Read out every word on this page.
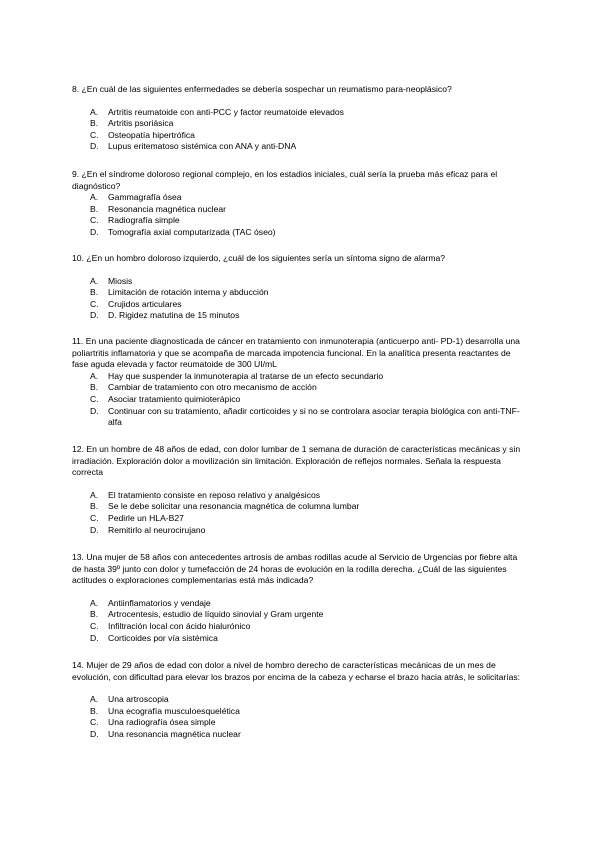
8. ¿En cuál de las siguientes enfermedades se debería sospechar un reumatismo para-neoplásico?

A. Artritis reumatoide con anti-PCC y factor reumatoide elevados
B. Artritis psoriásica
C. Osteopatía hipertrófica
D. Lupus eritematoso sistémica con ANA y anti-DNA

9. ¿En el síndrome doloroso regional complejo, en los estadios iniciales, cuál sería la prueba más eficaz para el diagnóstico?

A. Gammagrafía ósea
B. Resonancia magnética nuclear
C. Radiografía simple
D. Tomografía axial computarizada (TAC óseo)

10. ¿En un hombro doloroso izquierdo, ¿cuál de los siguientes sería un síntoma signo de alarma?

A. Miosis
B. Limitación de rotación interna y abducción
C. Crujidos articulares
D. D. Rigidez matutina de 15 minutos

11. En una paciente diagnosticada de cáncer en tratamiento con inmunoterapia (anticuerpo anti- PD-1) desarrolla una poliartritis inflamatoria y que se acompaña de marcada impotencia funcional. En la analítica presenta reactantes de fase aguda elevada y factor reumatoide de 300 UI/mL

A. Hay que suspender la inmunoterapia al tratarse de un efecto secundario
B. Cambiar de tratamiento con otro mecanismo de acción
C. Asociar tratamiento quimioterápico
D. Continuar con su tratamiento, añadir corticoides y si no se controlara asociar terapia biológica con anti-TNF-alfa

12. En un hombre de 48 años de edad, con dolor lumbar de 1 semana de duración de características mecánicas y sin irradiación. Exploración dolor a movilización sin limitación. Exploración de reflejos normales. Señala la respuesta correcta

A. El tratamiento consiste en reposo relativo y analgésicos
B. Se le debe solicitar una resonancia magnética de columna lumbar
C. Pedirle un HLA-B27
D. Remitirlo al neurocirujano

13. Una mujer de 58 años con antecedentes artrosis de ambas rodillas acude al Servicio de Urgencias por fiebre alta de hasta 39º junto con dolor y tumefacción de 24 horas de evolución en la rodilla derecha. ¿Cuál de las siguientes actitudes o exploraciones complementarias está más indicada?

A. Antiinflamatorios y vendaje
B. Artrocentesis, estudio de líquido sinovial y Gram urgente
C. Infiltración local con ácido hialurónico
D. Corticoides por vía sistémica

14. Mujer de 29 años de edad con dolor a nivel de hombro derecho de características mecánicas de un mes de evolución, con dificultad para elevar los brazos por encima de la cabeza y echarse el brazo hacia atrás, le solicitarías:

A. Una artroscopia
B. Una ecografía musculoesquelética
C. Una radiografía ósea simple
D. Una resonancia magnética nuclear
